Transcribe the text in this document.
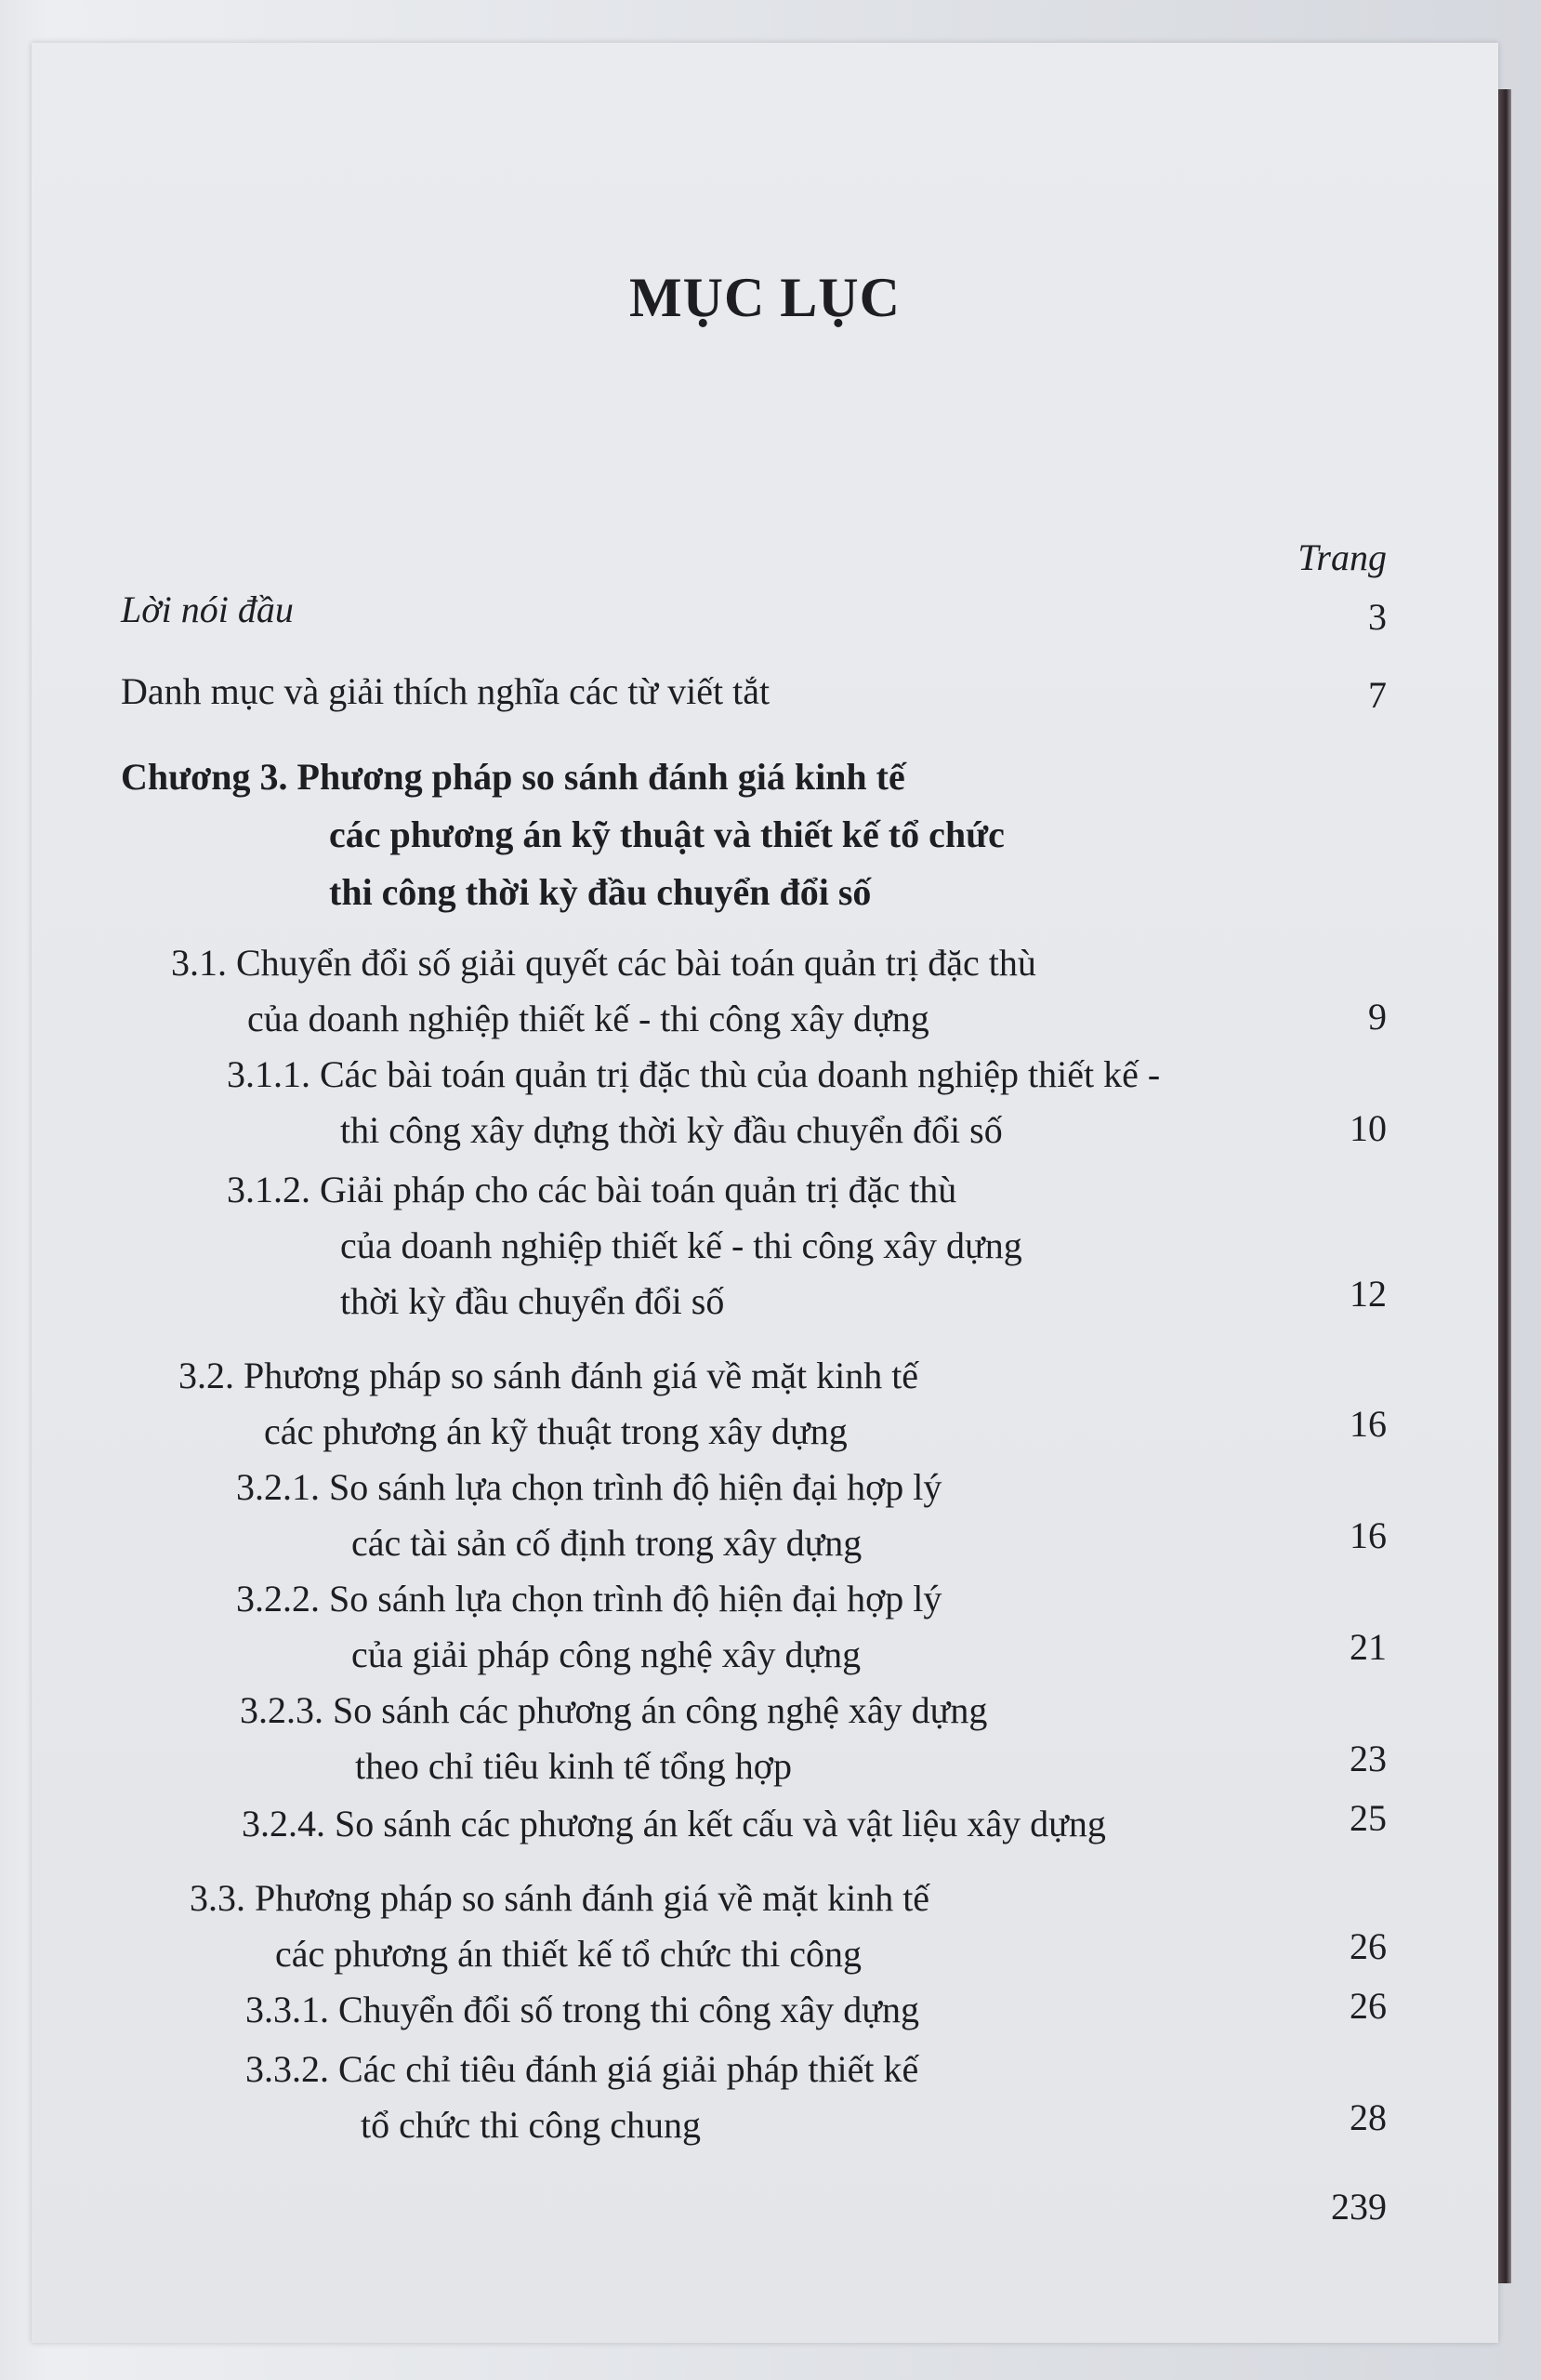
MỤC LỤC
Trang
Lời nói đầu	3
Danh mục và giải thích nghĩa các từ viết tắt	7
Chương 3. Phương pháp so sánh đánh giá kinh tế
các phương án kỹ thuật và thiết kế tổ chức
thi công thời kỳ đầu chuyển đổi số
3.1. Chuyển đổi số giải quyết các bài toán quản trị đặc thù
của doanh nghiệp thiết kế - thi công xây dựng	9
3.1.1. Các bài toán quản trị đặc thù của doanh nghiệp thiết kế -
thi công xây dựng thời kỳ đầu chuyển đổi số	10
3.1.2. Giải pháp cho các bài toán quản trị đặc thù
của doanh nghiệp thiết kế - thi công xây dựng
thời kỳ đầu chuyển đổi số	12
3.2. Phương pháp so sánh đánh giá về mặt kinh tế
các phương án kỹ thuật trong xây dựng	16
3.2.1. So sánh lựa chọn trình độ hiện đại hợp lý
các tài sản cố định trong xây dựng	16
3.2.2. So sánh lựa chọn trình độ hiện đại hợp lý
của giải pháp công nghệ xây dựng	21
3.2.3. So sánh các phương án công nghệ xây dựng
theo chỉ tiêu kinh tế tổng hợp	23
3.2.4. So sánh các phương án kết cấu và vật liệu xây dựng	25
3.3. Phương pháp so sánh đánh giá về mặt kinh tế
các phương án thiết kế tổ chức thi công	26
3.3.1. Chuyển đổi số trong thi công xây dựng	26
3.3.2. Các chỉ tiêu đánh giá giải pháp thiết kế
tổ chức thi công chung	28
239
